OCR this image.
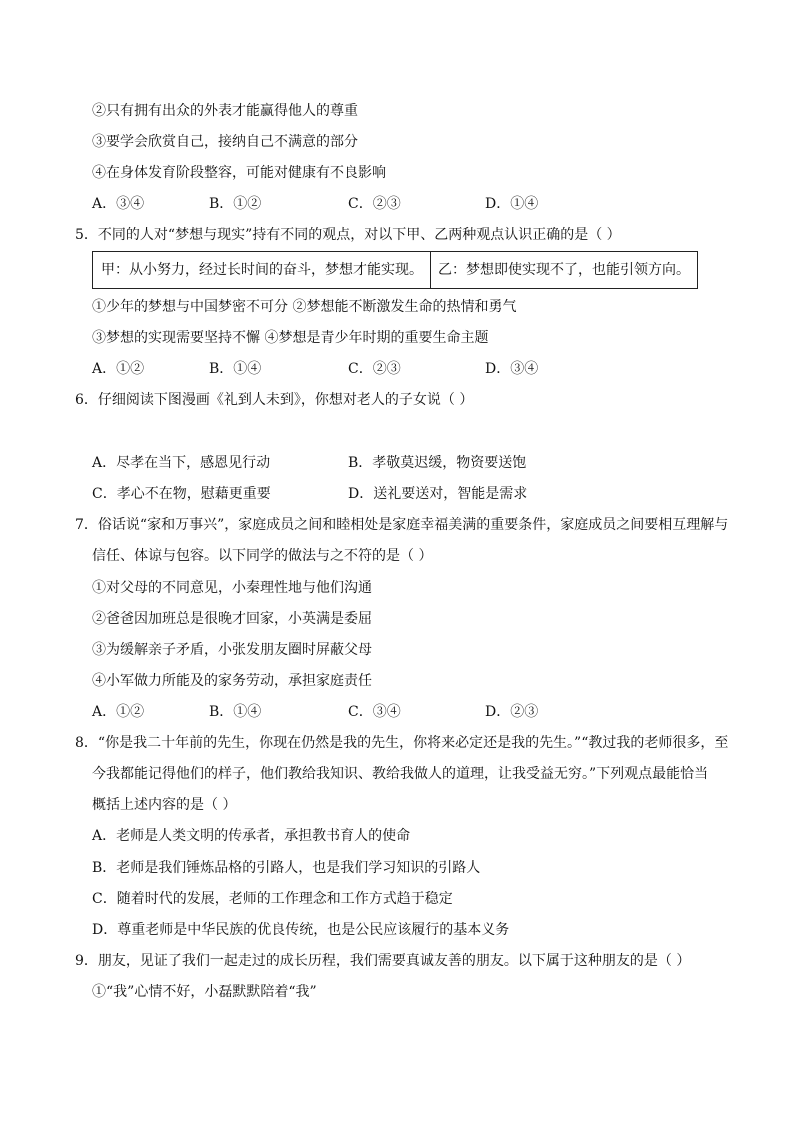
②只有拥有出众的外表才能赢得他人的尊重
③要学会欣赏自己，接纳自己不满意的部分
④在身体发育阶段整容，可能对健康有不良影响
A．③④	B．①②	C．②③	D．①④
5．不同的人对“梦想与现实”持有不同的观点，对以下甲、乙两种观点认识正确的是（ ）
甲：从小努力，经过长时间的奋斗，梦想才能实现。 乙：梦想即使实现不了，也能引领方向。
①少年的梦想与中国梦密不可分 ②梦想能不断激发生命的热情和勇气
③梦想的实现需要坚持不懈 ④梦想是青少年时期的重要生命主题
A．①②	B．①④	C．②③	D．③④
6．仔细阅读下图漫画《礼到人未到》，你想对老人的子女说（ ）
A．尽孝在当下，感恩见行动	B．孝敬莫迟缓，物资要送饱
C．孝心不在物，慰藉更重要	D．送礼要送对，智能是需求
7．俗话说“家和万事兴”，家庭成员之间和睦相处是家庭幸福美满的重要条件，家庭成员之间要相互理解与
信任、体谅与包容。以下同学的做法与之不符的是（ ）
①对父母的不同意见，小秦理性地与他们沟通
②爸爸因加班总是很晚才回家，小英满是委屈
③为缓解亲子矛盾，小张发朋友圈时屏蔽父母
④小军做力所能及的家务劳动，承担家庭责任
A．①②	B．①④	C．③④	D．②③
8．“你是我二十年前的先生，你现在仍然是我的先生，你将来必定还是我的先生。”“教过我的老师很多，至
今我都能记得他们的样子，他们教给我知识、教给我做人的道理，让我受益无穷。”下列观点最能恰当
概括上述内容的是（ ）
A．老师是人类文明的传承者，承担教书育人的使命
B．老师是我们锤炼品格的引路人，也是我们学习知识的引路人
C．随着时代的发展，老师的工作理念和工作方式趋于稳定
D．尊重老师是中华民族的优良传统，也是公民应该履行的基本义务
9．朋友，见证了我们一起走过的成长历程，我们需要真诚友善的朋友。以下属于这种朋友的是（ ）
①“我”心情不好，小磊默默陪着“我”
